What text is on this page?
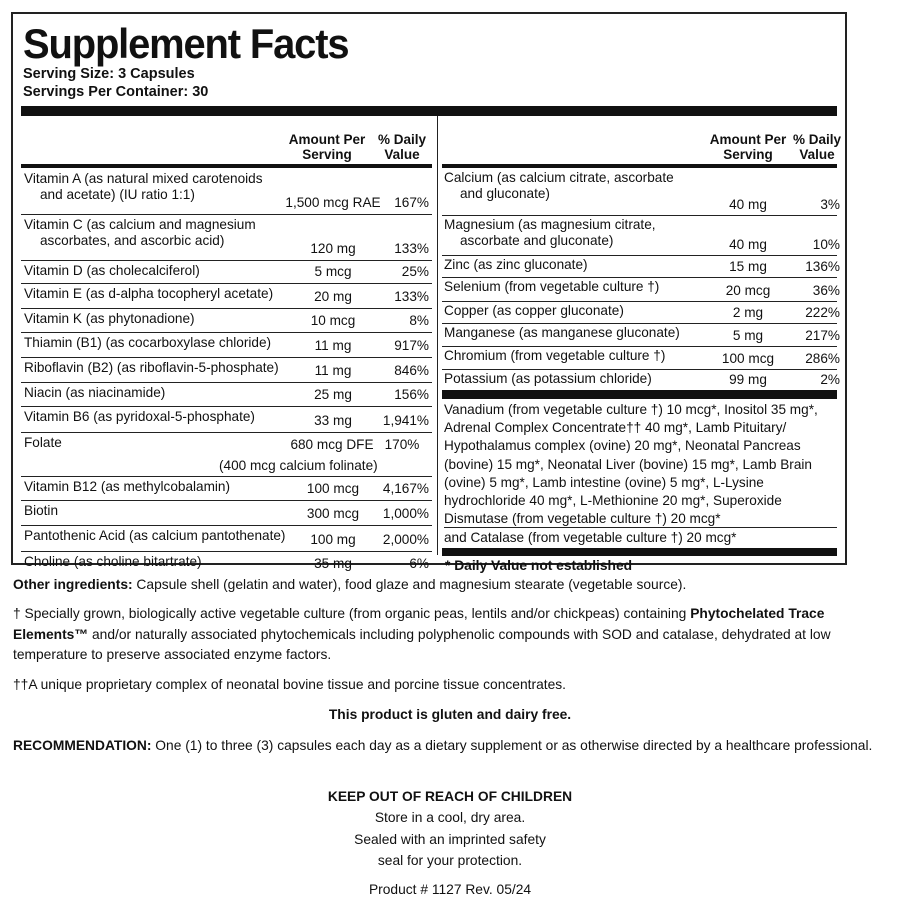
Supplement Facts
Serving Size: 3 Capsules
Servings Per Container: 30
Amount Per
Serving
% Daily
Value
Vitamin A (as natural mixed carotenoids
and acetate) (IU ratio 1:1)
1,500 mcg RAE	167%
Vitamin C (as calcium and magnesium
ascorbates, and ascorbic acid)
120 mg	133%
Vitamin D (as cholecalciferol)	5 mcg	25%
Vitamin E (as d-alpha tocopheryl acetate)	20 mg	133%
Vitamin K (as phytonadione)	10 mcg	8%
Thiamin (B1) (as cocarboxylase chloride)	11 mg	917%
Riboflavin (B2) (as riboflavin-5-phosphate)	11 mg	846%
Niacin (as niacinamide)	25 mg	156%
Vitamin B6 (as pyridoxal-5-phosphate)	33 mg	1,941%
Folate	680 mcg DFE 170%
(400 mcg calcium folinate)
Vitamin B12 (as methylcobalamin)	100 mcg	4,167%
Biotin	300 mcg	1,000%
Pantothenic Acid (as calcium pantothenate)	100 mg	2,000%
Choline (as choline bitartrate)	35 mg	6%
Amount Per
Serving
% Daily
Value
Calcium (as calcium citrate, ascorbate
and gluconate)
40 mg	3%
Magnesium (as magnesium citrate,
ascorbate and gluconate)	40 mg	10%
Zinc (as zinc gluconate)	15 mg	136%
Selenium (from vegetable culture †)	20 mcg	36%
Copper (as copper gluconate)	2 mg	222%
Manganese (as manganese gluconate)	5 mg	217%
Chromium (from vegetable culture †)	100 mcg	286%
Potassium (as potassium chloride)	99 mg	2%
Vanadium (from vegetable culture †) 10 mcg*, Inositol 35 mg*,
Adrenal Complex Concentrate†† 40 mg*, Lamb Pituitary/
Hypothalamus complex (ovine) 20 mg*, Neonatal Pancreas
(bovine) 15 mg*, Neonatal Liver (bovine) 15 mg*, Lamb Brain
(ovine) 5 mg*, Lamb intestine (ovine) 5 mg*, L-Lysine
hydrochloride 40 mg*, L-Methionine 20 mg*, Superoxide
Dismutase (from vegetable culture †) 20 mcg*
and Catalase (from vegetable culture †) 20 mcg*
* Daily Value not established
Other ingredients: Capsule shell (gelatin and water), food glaze and magnesium stearate (vegetable source).
† Specially grown, biologically active vegetable culture (from organic peas, lentils and/or chickpeas) containing Phytochelated Trace Elements™ and/or naturally associated phytochemicals including polyphenolic compounds with SOD and catalase, dehydrated at low temperature to preserve associated enzyme factors.
††A unique proprietary complex of neonatal bovine tissue and porcine tissue concentrates.
This product is gluten and dairy free.
RECOMMENDATION: One (1) to three (3) capsules each day as a dietary supplement or as otherwise directed by a healthcare professional.
KEEP OUT OF REACH OF CHILDREN
Store in a cool, dry area.
Sealed with an imprinted safety
seal for your protection.
Product # 1127 Rev. 05/24
